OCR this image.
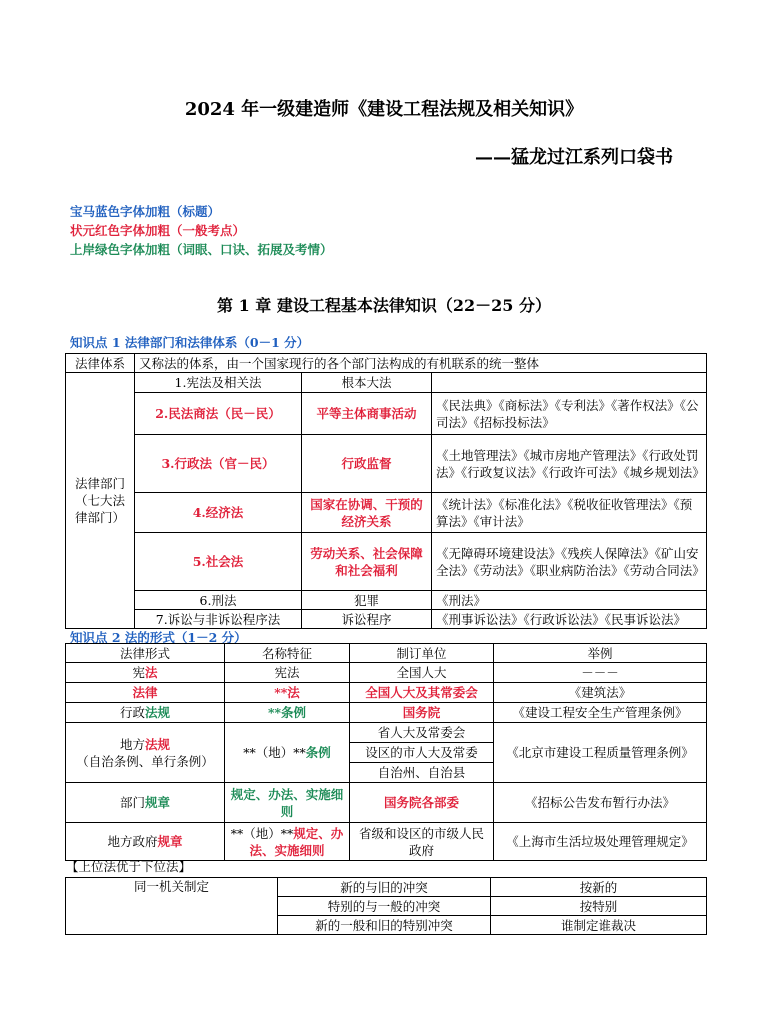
2024 年一级建造师《建设工程法规及相关知识》
——猛龙过江系列口袋书
宝马蓝色字体加粗（标题）
状元红色字体加粗（一般考点）
上岸绿色字体加粗（词眼、口诀、拓展及考情）
第 1 章 建设工程基本法律知识（22－25 分）
知识点 1 法律部门和法律体系（0－1 分）
法律体系	又称法的体系，由一个国家现行的各个部门法构成的有机联系的统一整体		
法律部门（七大法律部门）	1.宪法及相关法	根本大法	
	2.民法商法（民－民）	平等主体商事活动	《民法典》《商标法》《专利法》《著作权法》《公司法》《招标投标法》
	3.行政法（官－民）	行政监督	《土地管理法》《城市房地产管理法》《行政处罚法》《行政复议法》《行政许可法》《城乡规划法》
	4.经济法	国家在协调、干预的经济关系	《统计法》《标准化法》《税收征收管理法》《预算法》《审计法》
	5.社会法	劳动关系、社会保障和社会福利	《无障碍环境建设法》《残疾人保障法》《矿山安全法》《劳动法》《职业病防治法》《劳动合同法》
	6.刑法	犯罪	《刑法》
	7.诉讼与非诉讼程序法	诉讼程序	《刑事诉讼法》《行政诉讼法》《民事诉讼法》
知识点 2 法的形式（1－2 分）
法律形式	名称特征	制订单位	举例
宪法	宪法	全国人大	－－－
法律	**法	全国人大及其常委会	《建筑法》
行政法规	**条例	国务院	《建设工程安全生产管理条例》
地方法规
（自治条例、单行条例）	**（地）**条例	省人大及常委会	《北京市建设工程质量管理条例》
		设区的市人大及常委	
		自治州、自治县	
部门规章	规定、办法、实施细则	国务院各部委	《招标公告发布暂行办法》
地方政府规章	**（地）**规定、办法、实施细则	省级和设区的市级人民政府	《上海市生活垃圾处理管理规定》
【上位法优于下位法】
同一机关制定	新的与旧的冲突	按新的
	特别的与一般的冲突	按特别
	新的一般和旧的特别冲突	谁制定谁裁决
